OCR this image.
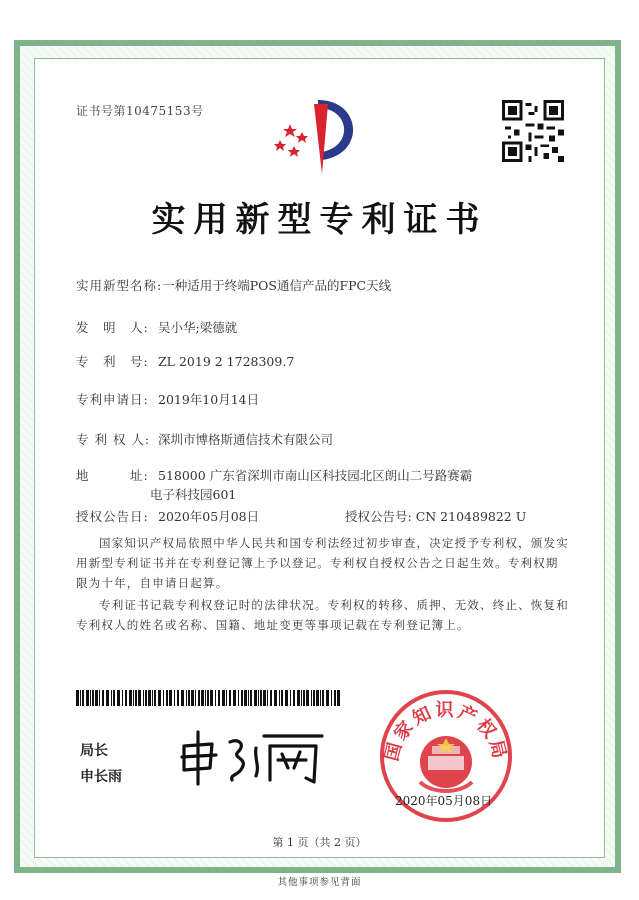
证书号第10475153号
实用新型专利证书
实用新型名称:一种适用于终端POS通信产品的FPC天线
发　明　人: 吴小华;梁德就
专　利　号: ZL 2019 2 1728309.7
专利申请日: 2019年10月14日
专 利 权 人: 深圳市博格斯通信技术有限公司
地　　　址: 518000 广东省深圳市南山区科技园北区朗山二号路赛霸
电子科技园601
授权公告日: 2020年05月08日	授权公告号: CN 210489822 U
国家知识产权局依照中华人民共和国专利法经过初步审查，决定授予专利权，颁发实用新型专利证书并在专利登记簿上予以登记。专利权自授权公告之日起生效。专利权期限为十年，自申请日起算。
专利证书记载专利权登记时的法律状况。专利权的转移、质押、无效、终止、恢复和专利权人的姓名或名称、国籍、地址变更等事项记载在专利登记簿上。
局长
申长雨
国家知识产权局
2020年05月08日
第 1 页（共 2 页）
其他事项参见背面
